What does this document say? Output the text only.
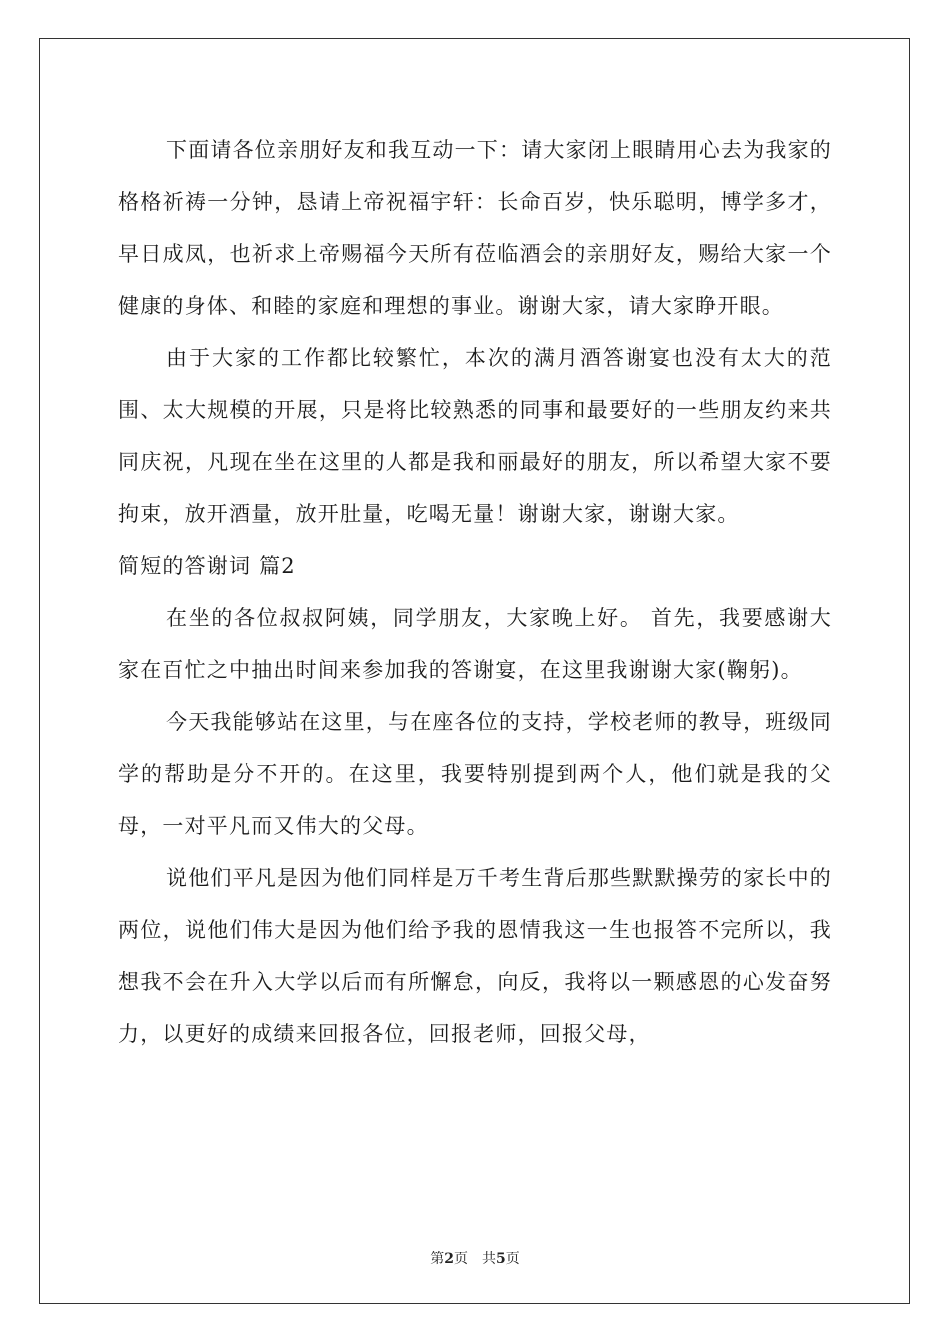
下面请各位亲朋好友和我互动一下：请大家闭上眼睛用心去为我家的格格祈祷一分钟，恳请上帝祝福宇轩：长命百岁，快乐聪明，博学多才，早日成凤，也祈求上帝赐福今天所有莅临酒会的亲朋好友，赐给大家一个健康的身体、和睦的家庭和理想的事业。谢谢大家，请大家睁开眼。

由于大家的工作都比较繁忙，本次的满月酒答谢宴也没有太大的范围、太大规模的开展，只是将比较熟悉的同事和最要好的一些朋友约来共同庆祝，凡现在坐在这里的人都是我和丽最好的朋友，所以希望大家不要拘束，放开酒量，放开肚量，吃喝无量！谢谢大家，谢谢大家。

简短的答谢词 篇2

在坐的各位叔叔阿姨，同学朋友，大家晚上好。 首先，我要感谢大家在百忙之中抽出时间来参加我的答谢宴，在这里我谢谢大家(鞠躬)。

今天我能够站在这里，与在座各位的支持，学校老师的教导，班级同学的帮助是分不开的。在这里，我要特别提到两个人，他们就是我的父母，一对平凡而又伟大的父母。

说他们平凡是因为他们同样是万千考生背后那些默默操劳的家长中的两位，说他们伟大是因为他们给予我的恩情我这一生也报答不完所以，我想我不会在升入大学以后而有所懈怠，向反，我将以一颗感恩的心发奋努力，以更好的成绩来回报各位，回报老师，回报父母，

第2页　共5页
